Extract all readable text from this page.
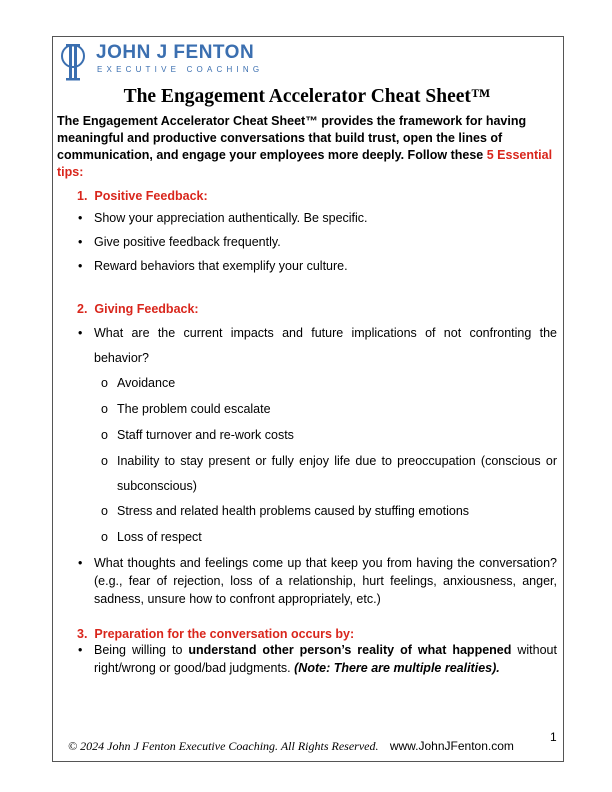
JOHN J FENTON
EXECUTIVE COACHING
The Engagement Accelerator Cheat Sheet™
The Engagement Accelerator Cheat Sheet™ provides the framework for having meaningful and productive conversations that build trust, open the lines of communication, and engage your employees more deeply. Follow these 5 Essential tips:
1. Positive Feedback:
• Show your appreciation authentically. Be specific.
• Give positive feedback frequently.
• Reward behaviors that exemplify your culture.
2. Giving Feedback:
• What are the current impacts and future implications of not confronting the
behavior?
o Avoidance
o The problem could escalate
o Staff turnover and re-work costs
o Inability to stay present or fully enjoy life due to preoccupation (conscious or
subconscious)
o Stress and related health problems caused by stuffing emotions
o Loss of respect
• What thoughts and feelings come up that keep you from having the conversation?
(e.g., fear of rejection, loss of a relationship, hurt feelings, anxiousness, anger,
sadness, unsure how to confront appropriately, etc.)
3. Preparation for the conversation occurs by:
• Being willing to understand other person’s reality of what happened without
right/wrong or good/bad judgments. (Note: There are multiple realities).
1
© 2024 John J Fenton Executive Coaching. All Rights Reserved. www.JohnJFenton.com
